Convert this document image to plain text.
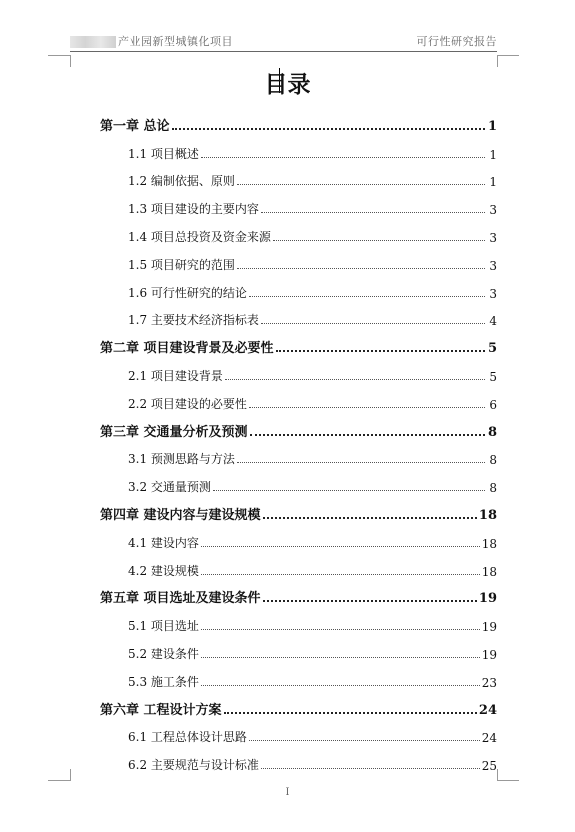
产业园新型城镇化项目	可行性研究报告
目录
第一章 总论	1
1.1 项目概述	1
1.2 编制依据、原则	1
1.3 项目建设的主要内容	3
1.4 项目总投资及资金来源	3
1.5 项目研究的范围	3
1.6 可行性研究的结论	3
1.7 主要技术经济指标表	4
第二章 项目建设背景及必要性	5
2.1 项目建设背景	5
2.2 项目建设的必要性	6
第三章 交通量分析及预测	8
3.1 预测思路与方法	8
3.2 交通量预测	8
第四章 建设内容与建设规模	18
4.1 建设内容	18
4.2 建设规模	18
第五章 项目选址及建设条件	19
5.1 项目选址	19
5.2 建设条件	19
5.3 施工条件	23
第六章 工程设计方案	24
6.1 工程总体设计思路	24
6.2 主要规范与设计标准	25
I
